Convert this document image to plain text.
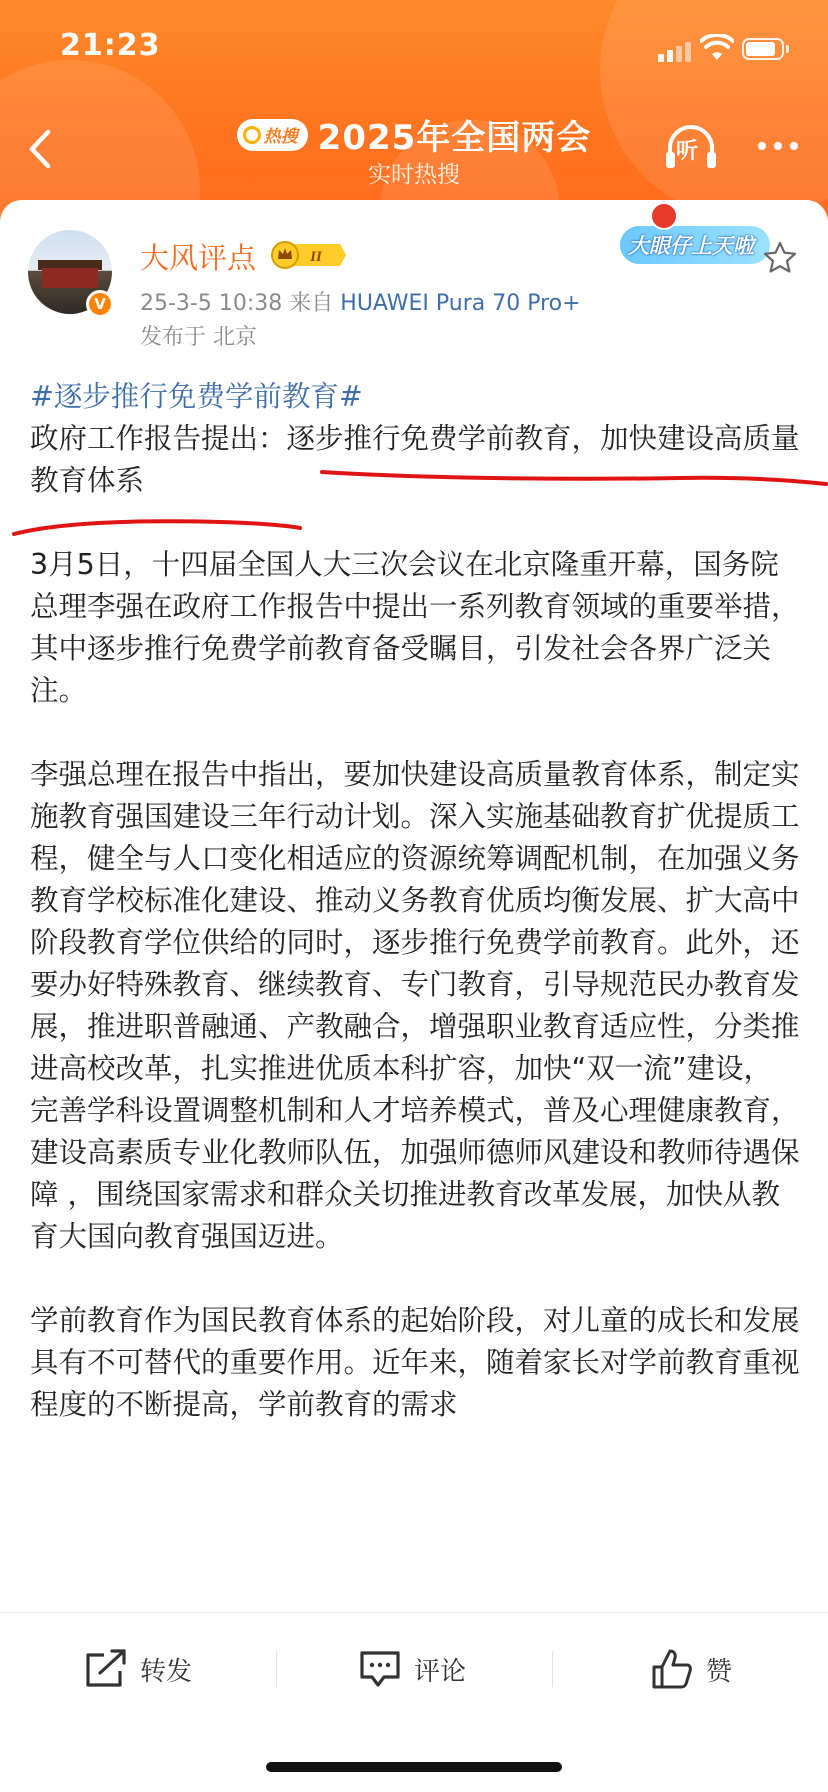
21:23
热搜 2025年全国两会
实时热搜
听
V
大风评点	II
25-3-5 10:38 来自 HUAWEI Pura 70 Pro+
发布于 北京
大眼仔上天啦

#逐步推行免费学前教育#
政府工作报告提出：逐步推行免费学前教育，加快建设高质量教育体系

3月5日，十四届全国人大三次会议在北京隆重开幕，国务院总理李强在政府工作报告中提出一系列教育领域的重要举措，其中逐步推行免费学前教育备受瞩目，引发社会各界广泛关注。

李强总理在报告中指出，要加快建设高质量教育体系，制定实施教育强国建设三年行动计划。深入实施基础教育扩优提质工程，健全与人口变化相适应的资源统筹调配机制，在加强义务教育学校标准化建设、推动义务教育优质均衡发展、扩大高中阶段教育学位供给的同时，逐步推行免费学前教育。此外，还要办好特殊教育、继续教育、专门教育，引导规范民办教育发展，推进职普融通、产教融合，增强职业教育适应性，分类推进高校改革，扎实推进优质本科扩容，加快“双一流”建设，完善学科设置调整机制和人才培养模式，普及心理健康教育，建设高素质专业化教师队伍，加强师德师风建设和教师待遇保障 ，围绕国家需求和群众关切推进教育改革发展，加快从教育大国向教育强国迈进。

学前教育作为国民教育体系的起始阶段，对儿童的成长和发展具有不可替代的重要作用。近年来，随着家长对学前教育重视程度的不断提高，学前教育的需求

转发	评论	赞
